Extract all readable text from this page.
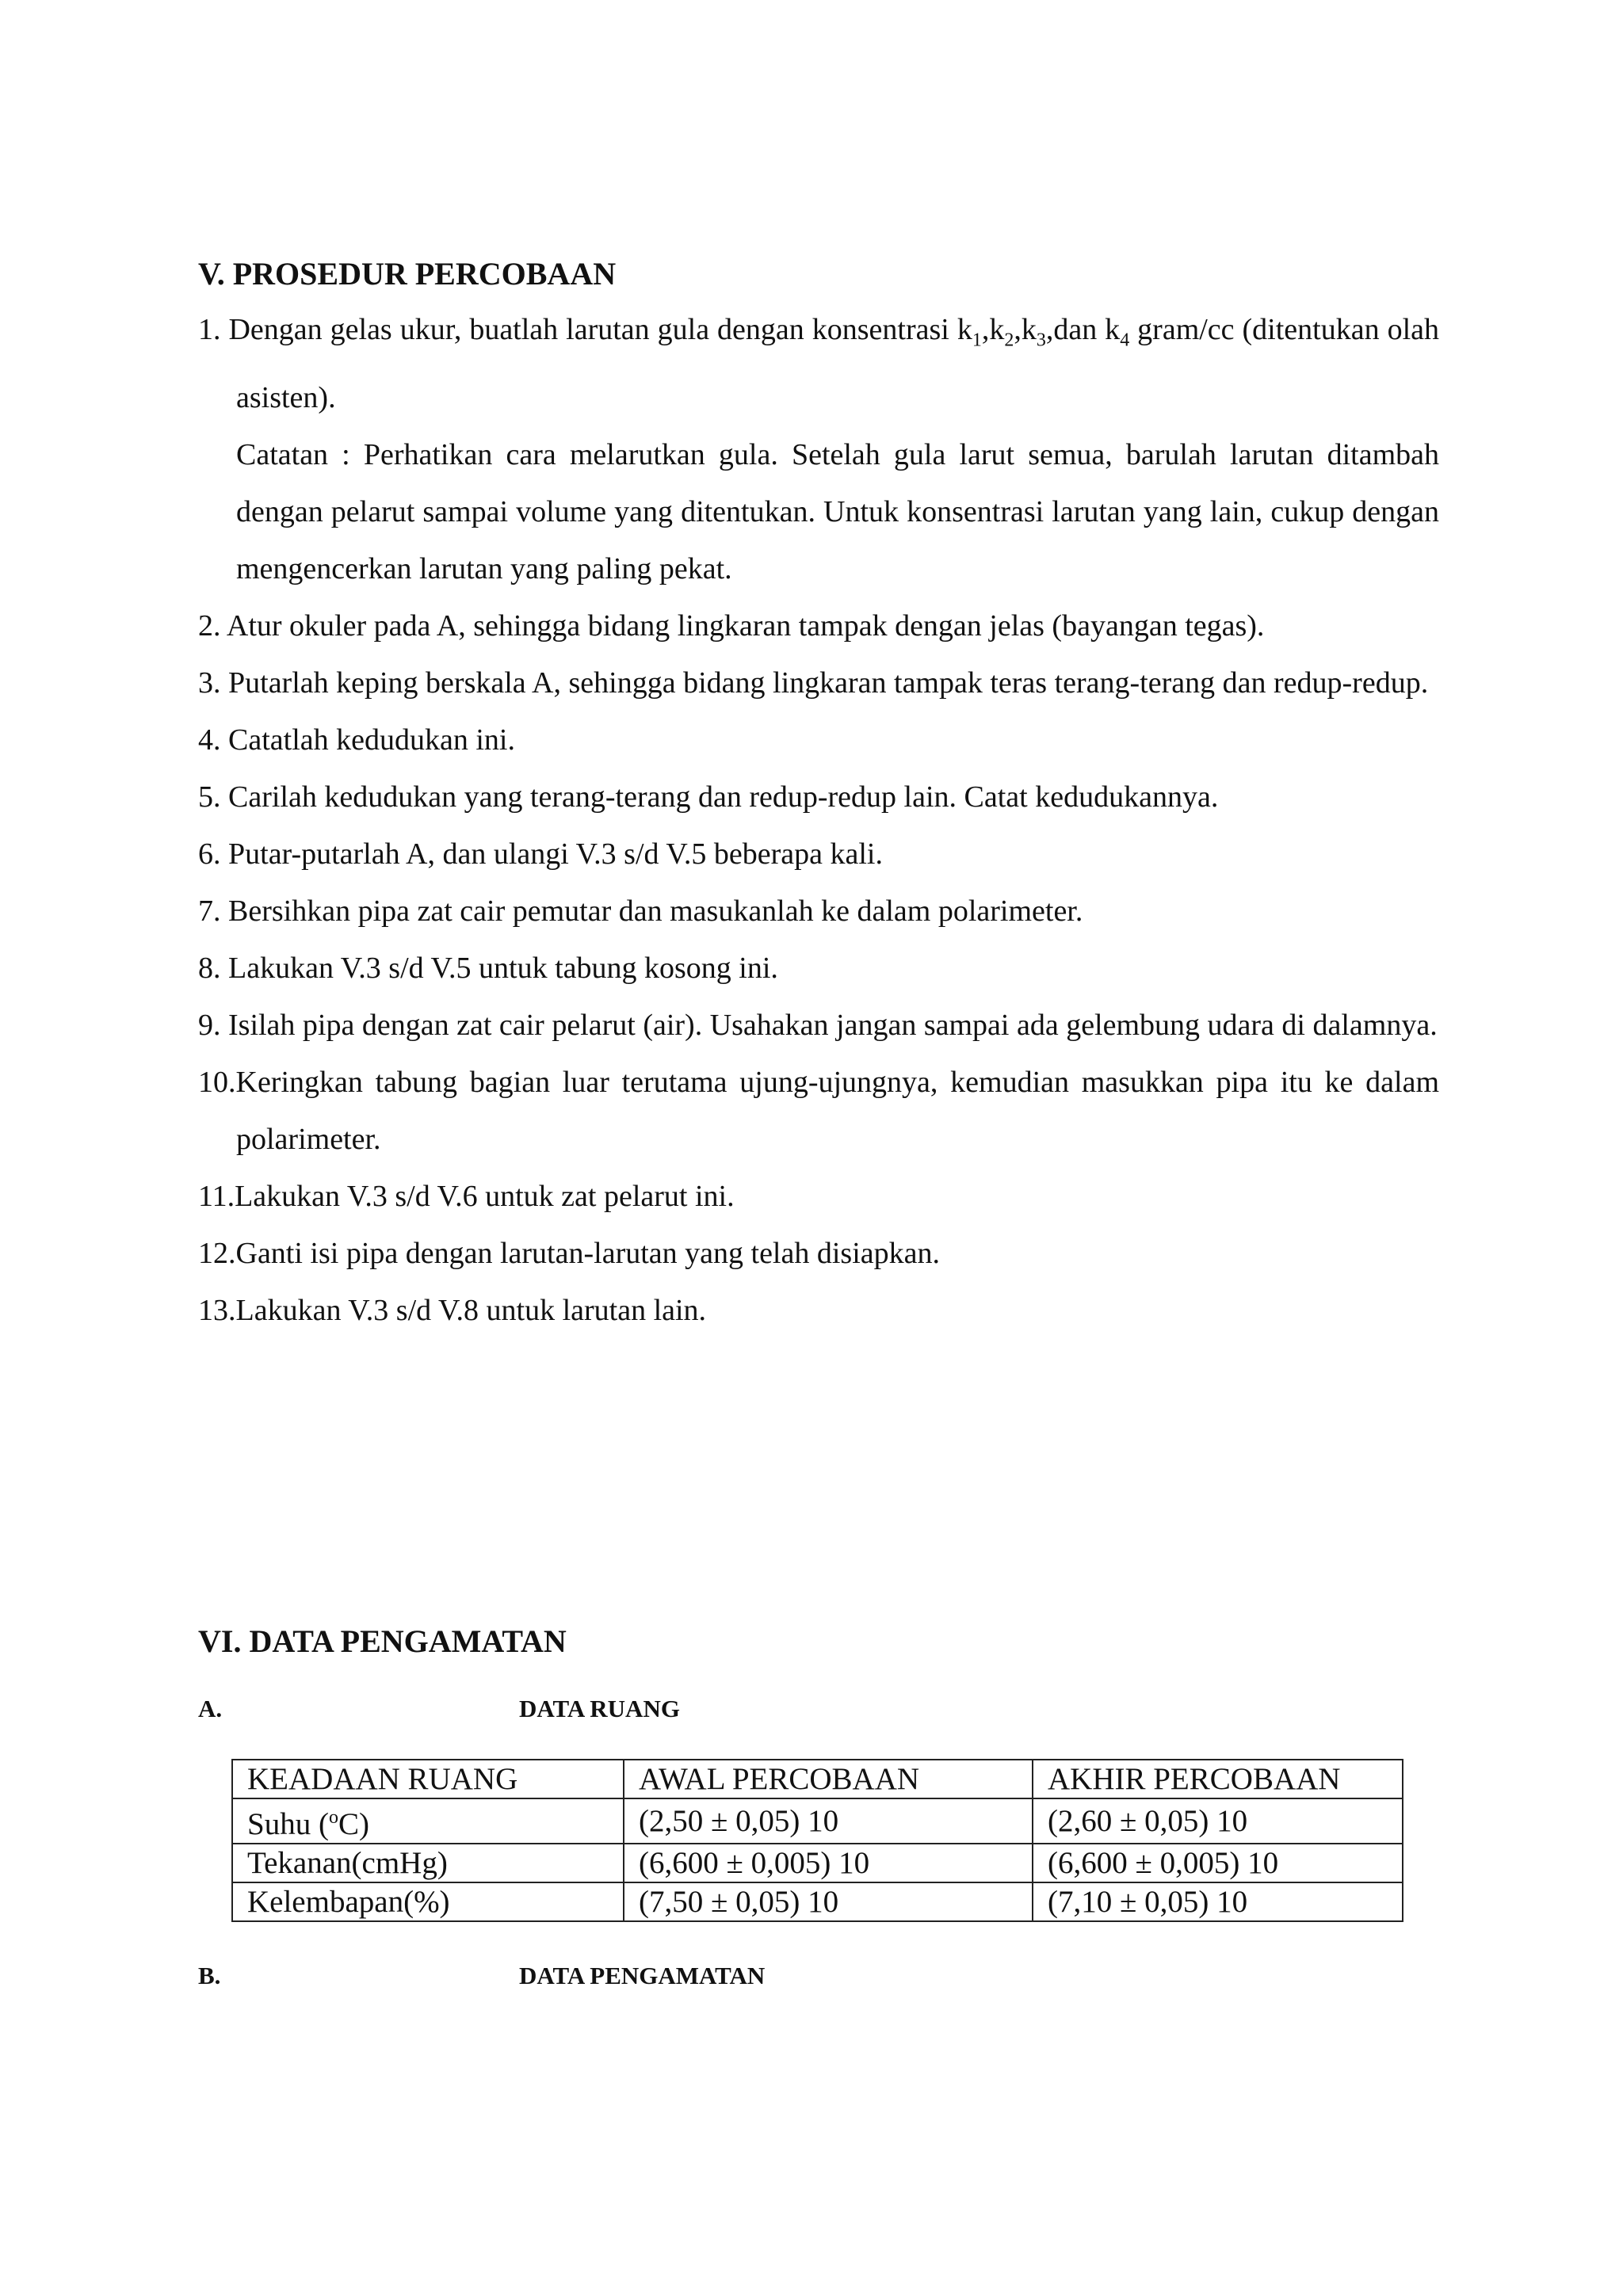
V. PROSEDUR PERCOBAAN
1. Dengan gelas ukur, buatlah larutan gula dengan konsentrasi $k_1,k_2,k_3,dan$ $k_4$ gram/cc (ditentukan olah asisten).
Catatan : Perhatikan cara melarutkan gula. Setelah gula larut semua, barulah larutan ditambah dengan pelarut sampai volume yang ditentukan. Untuk konsentrasi larutan yang lain, cukup dengan mengencerkan larutan yang paling pekat.
2. Atur okuler pada A, sehingga bidang lingkaran tampak dengan jelas (bayangan tegas).
3. Putarlah keping berskala A, sehingga bidang lingkaran tampak teras terang-terang dan redup-redup.
4. Catatlah kedudukan ini.
5. Carilah kedudukan yang terang-terang dan redup-redup lain. Catat kedudukannya.
6. Putar-putarlah A, dan ulangi V.3 s/d V.5 beberapa kali.
7. Bersihkan pipa zat cair pemutar dan masukanlah ke dalam polarimeter.
8. Lakukan V.3 s/d V.5 untuk tabung kosong ini.
9. Isilah pipa dengan zat cair pelarut (air). Usahakan jangan sampai ada gelembung udara di dalamnya.
10.Keringkan tabung bagian luar terutama ujung-ujungnya, kemudian masukkan pipa itu ke dalam polarimeter.
11.Lakukan V.3 s/d V.6 untuk zat pelarut ini.
12.Ganti isi pipa dengan larutan-larutan yang telah disiapkan.
13.Lakukan V.3 s/d V.8 untuk larutan lain.
VI. DATA PENGAMATAN
A.	DATA RUANG
KEADAAN RUANG	AWAL PERCOBAAN	AKHIR PERCOBAAN
Suhu ($^o$C)	(2,50 ± 0,05) 10	(2,60 ± 0,05) 10
Tekanan(cmHg)	(6,600 ± 0,005) 10	(6,600 ± 0,005) 10
Kelembapan(%)	(7,50 ± 0,05) 10	(7,10 ± 0,05) 10
B.	DATA PENGAMATAN
